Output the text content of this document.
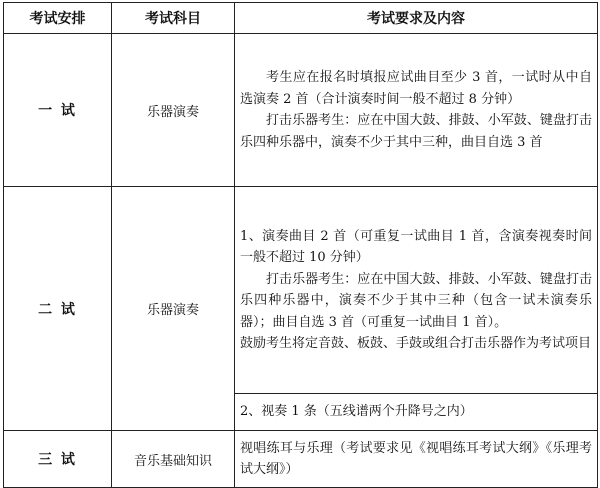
考试安排	考试科目	考试要求及内容
一 试	乐器演奏	考生应在报名时填报应试曲目至少 3 首，一试时从中自选演奏 2 首（合计演奏时间一般不超过 8 分钟）

打击乐器考生：应在中国大鼓、排鼓、小军鼓、键盘打击乐四种乐器中，演奏不少于其中三种，曲目自选 3 首

二 试	乐器演奏	1、演奏曲目 2 首（可重复一试曲目 1 首，含演奏视奏时间一般不超过 10 分钟）

打击乐器考生：应在中国大鼓、排鼓、小军鼓、键盘打击乐四种乐器中，演奏不少于其中三种（包含一试未演奏乐器）；曲目自选 3 首（可重复一试曲目 1 首）。

鼓励考生将定音鼓、板鼓、手鼓或组合打击乐器作为考试项目

		2、视奏 1 条（五线谱两个升降号之内）

三 试	音乐基础知识	视唱练耳与乐理（考试要求见《视唱练耳考试大纲》《乐理考试大纲》）
